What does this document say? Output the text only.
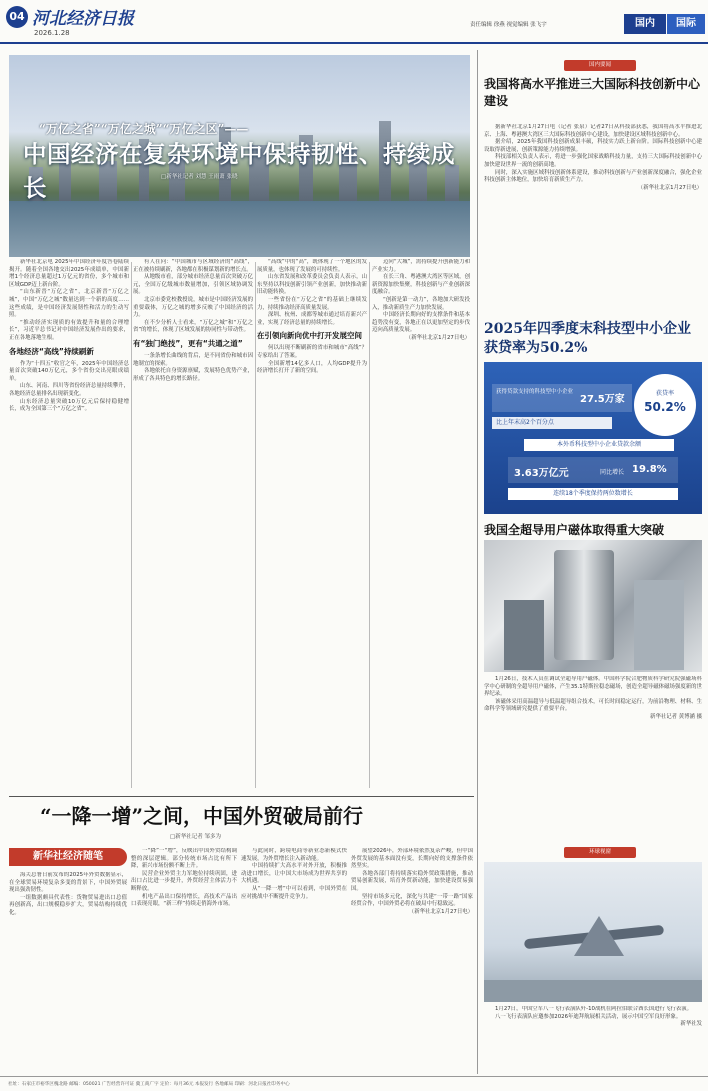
04 河北经济日报
2026.1.28
责任编辑 徐燕 视觉编辑 张飞宇	国内	国际
“万亿之省”“万亿之城”“万亿之区”——
中国经济在复杂环境中保持韧性、持续成长	□新华社记者 刘慧 王雨萧 张晓

新华社北京电 2025年中国经济年度答卷陆续揭开。随着全国各地交出2025年成绩单，中国新增1个经济总量超过1万亿元的省份，多个城市和区域GDP迈上新台阶。

“山东新晋“万亿之省”，北京新晋“万亿之城”，中国“万亿之城”数量达到一个新的高度……这些成绩，是中国经济发展韧性和活力的生动写照。

“推动经济实现质的有效提升和量的合理增长”，习近平总书记对中国经济发展作出的要求，正在各地落地生根。

各地经济“高线”持续刷新

作为“十四五”收官之年，2025年中国经济总量首次突破140万亿元，多个省份交出亮眼成绩单。

山东、河南、四川等省份经济总量持续攀升，各地经济总量排名出现新变化。

山东经济总量突破10万亿元后保持稳健增长，成为全国第三个“万亿之省”。

有人在问：“中国城市与区域经济的“高线”，正在被持续刷新，各地都在积极谋划新的增长点。

从地级市看，部分城市经济总量首次突破万亿元，全国万亿级城市数量增加，引领区域协调发展。

北京市委党校教授说，城市是中国经济发展的重要载体，万亿之城的增多反映了中国经济的活力。

在不少分析人士看来，“万亿之城”和“万亿之省”的增长，体现了区域发展的协同性与带动性。

有“独门绝技”，更有“共通之道”

一条条增长曲线的背后，是不同省份和城市因地制宜的探索。

各地依托自身资源禀赋，发展特色优势产业，形成了各具特色的增长路径。

“高线”中的“高”，既体现了一个地区的发展质量，也体现了发展的可持续性。

山东省发展和改革委员会负责人表示，山东坚持以科技创新引领产业创新，加快推动新旧动能转换。

一些省份在“万亿之省”的基础上继续发力，持续推动经济高质量发展。

深圳、杭州、成都等城市通过培育新兴产业，实现了经济总量的持续增长。

在引领向新向优中打开发展空间

何以出现不断刷新的省市和城市“高线”？专家给出了答案。

全国新增14亿多人口，人均GDP提升为经济增长打开了新的空间。

迈向“大城”，需持续提升创新能力和产业实力。

在长三角、粤港澳大湾区等区域，创新资源加快集聚，科技创新与产业创新深度融合。

“创新是第一动力”，各地加大研发投入，推动新质生产力加快发展。

中国经济长期向好的支撑条件和基本趋势没有变，各地正在以更加坚定的步伐迈向高质量发展。

（新华社北京1月27日电）

国内要闻
我国将高水平推进三大国际科技创新中心建设

据新华社北京1月27日电（记者 张泉）记者27日从科技部获悉，我国将高水平推进北京、上海、粤港澳大湾区三大国际科技创新中心建设，加快建设区域科技创新中心。

据介绍，2025年我国科技创新成果丰硕，科技实力跃上新台阶。国际科技创新中心建设取得新进展，创新策源能力持续增强。

科技部相关负责人表示，将进一步强化国家战略科技力量，支持三大国际科技创新中心加快建设世界一流的创新高地。

同时，深入实施区域科技创新体系建设，推动科技创新与产业创新深度融合，强化企业科技创新主体地位，加快培育新质生产力。

（新华社北京1月27日电）

2025年四季度末科技型中小企业获贷率为50.2%
获得贷款支持的科技型中小企业
27.5万家
获贷率
50.2%
比上年末高2个百分点
本外币科技型中小企业贷款余额
3.63万亿元	同比增长 19.8%
连续18个季度保持两位数增长
我国全超导用户磁体取得重大突破

1月26日，技术人员在调试全超导用户磁体。中国科学院合肥物质科学研究院强磁场科学中心研制的全超导用户磁体，产生35.1特斯拉稳态磁场，创造全超导磁体磁场强度新的世界纪录。

该磁体采用高温超导与低温超导组合技术，可长时间稳定运行，为前沿物理、材料、生命科学等领域研究提供了重要平台。

新华社记者 黄博涵 摄

“一降一增”之间，中国外贸破局前行
□新华社记者 邹多为
新华社经济随笔

海关总署日前发布的2025年外贸数据显示，在全球贸易环境复杂多变的背景下，中国外贸展现出强劲韧性。

一组数据颇具代表性：货物贸易进出口总值再创新高，出口规模稳步扩大，贸易结构持续优化。

一“降”一“增”，反映出中国外贸结构调整的深层逻辑。部分传统市场占比有所下降，新兴市场份额不断上升。

民营企业外贸主力军地位持续巩固，进出口占比进一步提升，外贸经营主体活力不断释放。

机电产品出口保持增长，高技术产品出口表现亮眼，“新三样”持续走俏海外市场。

与此同时，跨境电商等新业态新模式快速发展，为外贸增长注入新动能。

中国持续扩大高水平对外开放，积极推动进口增长，让中国大市场成为世界共享的大机遇。

从“一降一增”中可以看到，中国外贸在应对挑战中不断提升竞争力。

展望2026年，外部环境依然复杂严峻，但中国外贸发展的基本面没有变，长期向好的支撑条件依然坚实。

各地各部门将持续落实稳外贸政策措施，推动贸易创新发展，培育外贸新动能，加快建设贸易强国。

坚持市场多元化，深化与共建“一带一路”国家经贸合作，中国外贸必将在破局中行稳致远。

（新华社北京1月27日电）

环球视窗

1月27日，中国空军八一飞行表演队歼-10战机在阿拉伯联合酋长国进行飞行表演。

八一飞行表演队应邀参加2026年迪拜航展相关活动，展示中国空军良好形象。

新华社发

社址：石家庄市裕华区槐北路 邮编：050021 广告经营许可证 冀工商广字 定价：每月36元 本报发行 各地邮局 印刷：河北日报社印务中心
